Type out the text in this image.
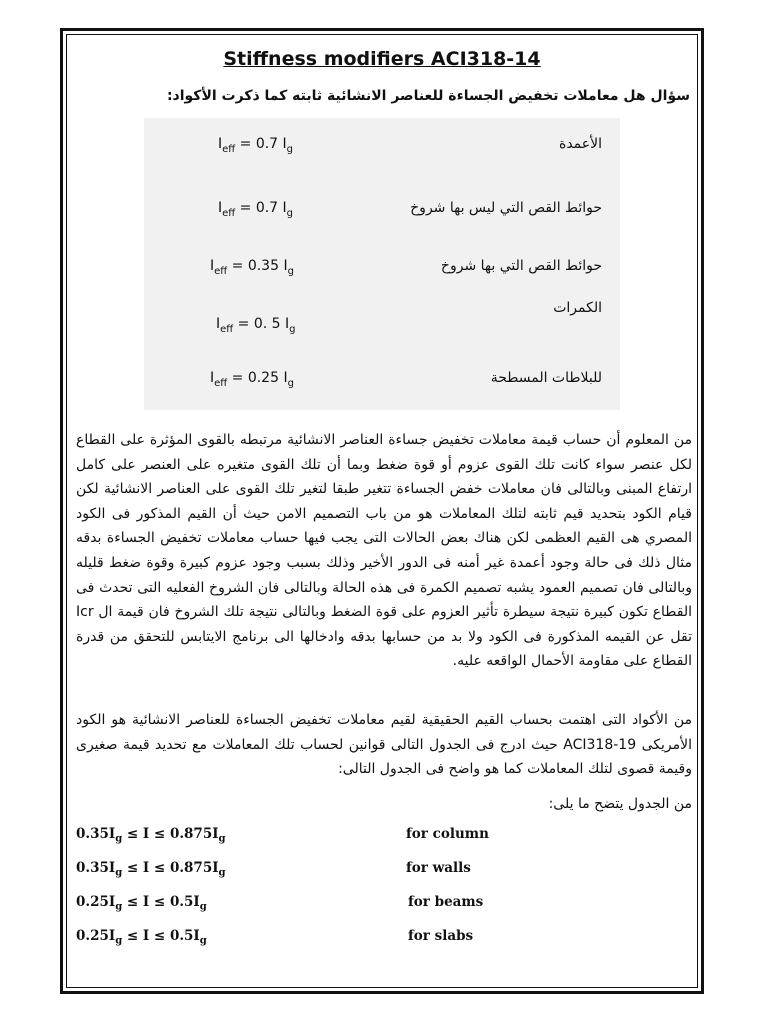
Stiffness modifiers ACI318-14
سؤال هل معاملات تخفيض الجساءة للعناصر الانشائية ثابته كما ذكرت الأكواد:
الأعمدة
$I_{eff} = 0.7$ $I_g$
حوائط القص التي ليس بها شروخ
$I_{eff} = 0.7$ $I_g$
حوائط القص التي بها شروخ
$I_{eff} = 0.35$ $I_g$
الكمرات
$I_{eff} = 0$. 5 $I_g$
للبلاطات المسطحة
$I_{eff} = 0.25$ $I_g$
من المعلوم أن حساب قيمة معاملات تخفيض جساءة العناصر الانشائية مرتبطه بالقوى المؤثرة على القطاع لكل عنصر سواء كانت تلك القوى عزوم أو قوة ضغط وبما أن تلك القوى متغيره على العنصر على كامل ارتفاع المبنى وبالتالى فان معاملات خفض الجساءة تتغير طبقا لتغير تلك القوى على العناصر الانشائية لكن قيام الكود بتحديد قيم ثابته لتلك المعاملات هو من باب التصميم الامن حيث أن القيم المذكور فى الكود المصري هى القيم العظمى لكن هناك بعض الحالات التى يجب فيها حساب معاملات تخفيض الجساءة بدقه مثال ذلك فى حالة وجود أعمدة غير أمنه فى الدور الأخير وذلك بسبب وجود عزوم كبيرة وقوة ضغط قليله وبالتالى فان تصميم العمود يشبه تصميم الكمرة فى هذه الحالة وبالتالى فان الشروخ الفعليه التى تحدث فى القطاع تكون كبيرة نتيجة سيطرة تأثير العزوم على قوة الضغط وبالتالى نتيجة تلك الشروخ فان قيمة ال Icr تقل عن القيمه المذكورة فى الكود ولا بد من حسابها بدقه وادخالها الى برنامج الايتابس للتحقق من قدرة القطاع على مقاومة الأحمال الواقعه عليه.
من الأكواد التى اهتمت بحساب القيم الحقيقية لقيم معاملات تخفيض الجساءة للعناصر الانشائية هو الكود الأمريكى ACI318-19 حيث ادرج فى الجدول التالى قوانين لحساب تلك المعاملات مع تحديد قيمة صغيرى وقيمة قصوى لتلك المعاملات كما هو واضح فى الجدول التالى:
من الجدول يتضح ما يلى:
$0.35I_g \le I \le 0.875I_g$	for column
$0.35I_g \le I \le 0.875I_g$	for walls
$0.25I_g \le I \le 0.5I_g$	for beams
$0.25I_g \le I \le 0.5I_g$	for slabs
